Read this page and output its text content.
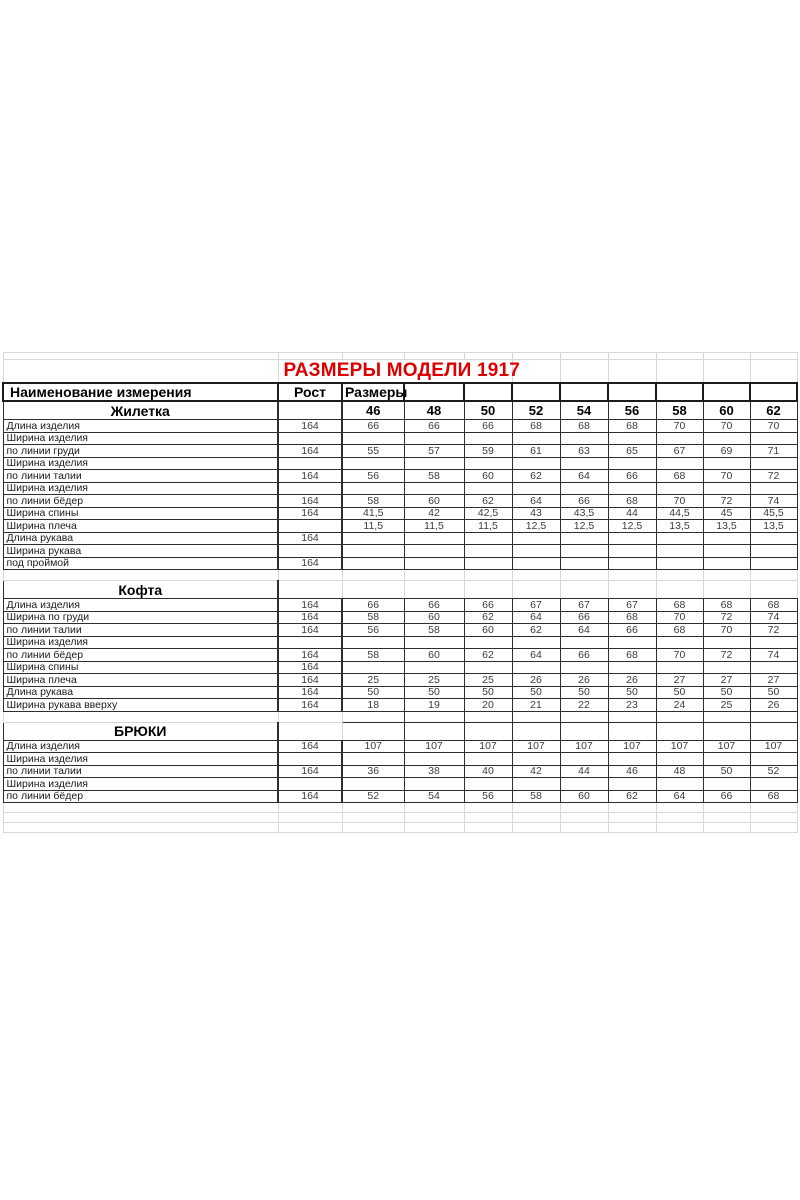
	РАЗМЕРЫ МОДЕЛИ 1917									
Наименование измерения	Рост	Размеры								
Жилетка		46	48	50	52	54	56	58	60	62
Длина изделия	164	66	66	66	68	68	68	70	70	70
Ширина изделия										
по линии груди	164	55	57	59	61	63	65	67	69	71
Ширина изделия										
по линии талии	164	56	58	60	62	64	66	68	70	72
Ширина изделия										
по линии бёдер	164	58	60	62	64	66	68	70	72	74
Ширина спины	164	41,5	42	42,5	43	43,5	44	44,5	45	45,5
Ширина плеча		11,5	11,5	11,5	12,5	12,5	12,5	13,5	13,5	13,5
Длина рукава	164									
Ширина рукава										
под проймой	164									

Кофта										
Длина изделия	164	66	66	66	67	67	67	68	68	68
Ширина по груди	164	58	60	62	64	66	68	70	72	74
по линии талии	164	56	58	60	62	64	66	68	70	72
Ширина изделия										
по линии бёдер	164	58	60	62	64	66	68	70	72	74
Ширина спины	164									
Ширина плеча	164	25	25	25	26	26	26	27	27	27
Длина рукава	164	50	50	50	50	50	50	50	50	50
Ширина рукава вверху	164	18	19	20	21	22	23	24	25	26

БРЮКИ										
Длина изделия	164	107	107	107	107	107	107	107	107	107
Ширина изделия										
по линии талии	164	36	38	40	42	44	46	48	50	52
Ширина изделия										
по линии бёдер	164	52	54	56	58	60	62	64	66	68
